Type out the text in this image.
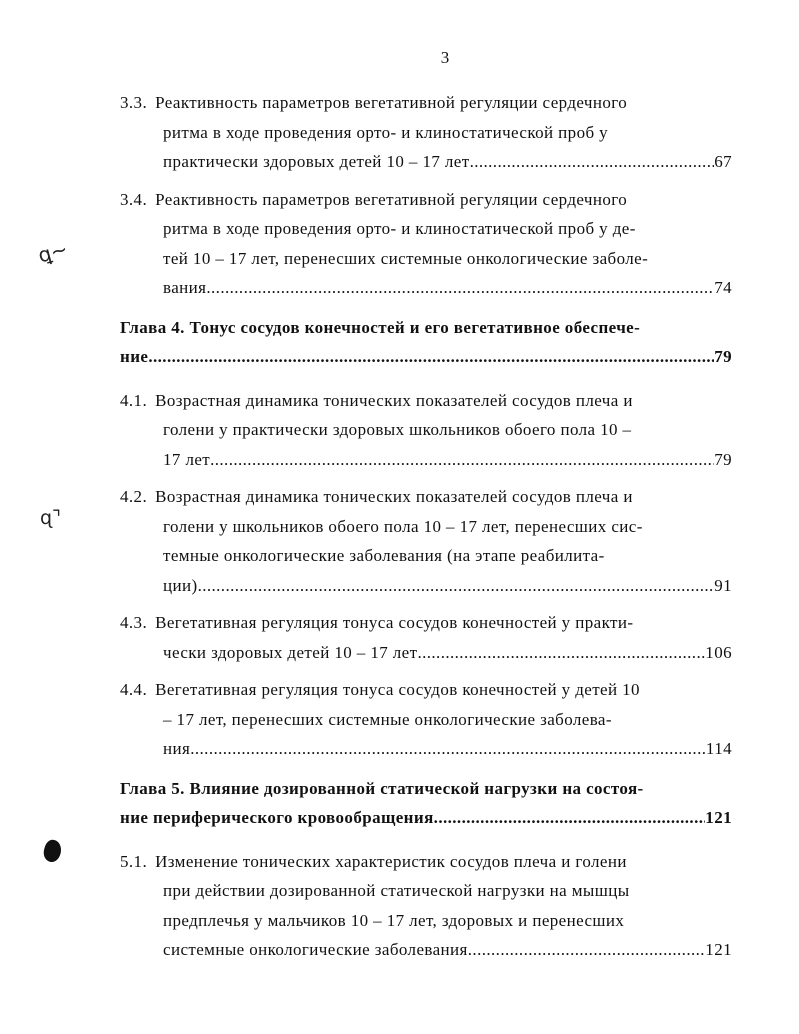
3
ꝗ~
ɋ⌝
3.3. Реактивность параметров вегетативной регуляции сердечного
ритма в ходе проведения орто- и клиностатической проб у
практически здоровых детей 10 – 17 лет .....	67
3.4. Реактивность параметров вегетативной регуляции сердечного
ритма в ходе проведения орто- и клиностатической проб у де-
тей 10 – 17 лет, перенесших системные онкологические заболе-
вания .....	74
Глава 4. Тонус сосудов конечностей и его вегетативное обеспече-
ние .....	79
4.1. Возрастная динамика тонических показателей сосудов плеча и
голени у практически здоровых школьников обоего пола 10 –
17 лет .....	79
4.2. Возрастная динамика тонических показателей сосудов плеча и
голени у школьников обоего пола 10 – 17 лет, перенесших сис-
темные онкологические заболевания (на этапе реабилита-
ции) .....	91
4.3. Вегетативная регуляция тонуса сосудов конечностей у практи-
чески здоровых детей 10 – 17 лет .....	106
4.4. Вегетативная регуляция тонуса сосудов конечностей у детей 10
– 17 лет, перенесших системные онкологические заболева-
ния .....	114
Глава 5. Влияние дозированной статической нагрузки на состоя-
ние периферического кровообращения .....	121
5.1. Изменение тонических характеристик сосудов плеча и голени
при действии дозированной статической нагрузки на мышцы
предплечья у мальчиков 10 – 17 лет, здоровых и перенесших
системные онкологические заболевания .....	121
